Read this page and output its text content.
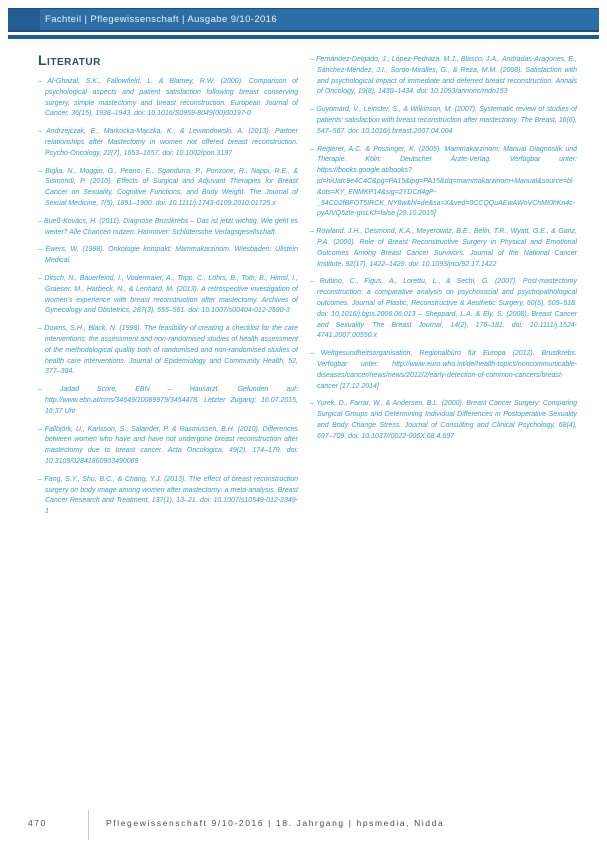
Fachteil | Pflegewissenschaft | Ausgabe 9/10-2016
Literatur

– Al-Ghazal, S.K., Fallowfield, L. & Blamey, R.W. (2000). Comparison of psychological aspects and patient satisfaction following breast conserving surgery, simple mastectomy and breast reconstruction. European Journal of Cancer, 36(15), 1938–1943. doi: 10.1016/S0959-8049(00)00197-0

– Andrzejczak, E., Markocka-Mączka, K., & Lewandowski, A. (2013). Partner relationships after Mastectomy in women not offered breast reconstruction. Psycho-Oncology, 22(7), 1653–1657. doi: 10.1002/pon.3197

– Biglia, N., Moggio, G., Peano, E., Sgandurra, P., Ponzone, R., Nappi, R.E., & Sismondi, P. (2010). Effects of Surgical and Adjuvant Therapies for Breast Cancer on Sexuality, Cognitive Functions, and Body Weight. The Journal of Sexual Medicine, 7(5), 1891–1900. doi: 10.1111/j.1743-6109.2010.01725.x

– Bueß-Kovács, H. (2011). Diagnose Brustkrebs – Das ist jetzt wichtig. Wie geht es weiter? Alle Chancen nutzen. Hannover: Schlütersche Verlagsgesellschaft.

– Ewers, W. (1998). Onkologie kompakt: Mammakarzinom. Wiesbaden: Ullstein Medical.

– Ditsch, N., Bauerfeind, I., Vodermaier, A., Tripp, C., Löhrs, B., Toth, B., Himsl, I., Graeser, M., Harbeck, N., & Lenhard, M. (2013). A retrospective investigation of women's experience with breast reconstruction after mastectomy. Archives of Gynecology and Obstetrics, 287(3), 555–561. doi: 10.1007/s00404-012-2590-3

– Downs, S.H., Black, N. (1998). The feasibility of creating a checklist for the care interventions: the assessment and non-randomised studies of health assessment of the methodological quality both of randomised and non-randomised studies of health care interventions. Journal of Epidemiology and Community Health, 52, 377–384.

– Jadad Score, EBN – Hausarzt. Gefunden auf: http://www.ebn.at/cms/34649/10089979/3454478. Letzter Zugang: 16.07.2015, 16:37 Uhr

– Fallbjörk, U., Karlsson, S., Salander, P. & Rasmussen, B.H. (2010). Differences between women who have and have not undergone breast reconstruction after mastectomy due to breast cancer. Acta Oncologica, 49(2), 174–179. doi: 10.3109/02841860903490069

– Fang, S.Y., Shu, B.C., & Chang, Y.J. (2013). The effect of breast reconstruction surgery on body image among women after mastectomy: a meta-analysis. Breast Cancer Research and Treatment, 137(1), 13–21. doi: 10.1007/s10549-012-2349-1

– Fernández-Delgado, J., López-Pedraza, M.J., Blasco, J.A., Andradas-Aragones, E., Sánchez-Méndez, J.I., Sordo-Miralles, G., & Reza, M.M. (2008). Satisfaction with and psychological impact of immediate and deferred breast reconstruction. Annals of Oncology, 19(8), 1430–1434. doi: 10.1093/annonc/mdn153

– Guyomard, V., Leinster, S., & Wilkinson, M. (2007). Systematic review of studies of patients' satisfaction with breast reconstruction after mastectomy. The Breast, 16(6), 547–567. doi: 10.1016/j.breast.2007.04.004

– Regierer, A.C. & Possinger, K. (2005). Mammakarzinom: Manual Diagnostik und Therapie. Köln: Deutscher Ärzte-Verlag. Verfügbar unter: https://books.google.at/books?id=hiUatc9e4C4C&pg=PA15&lpg=PA15&dq=mammakarzinom+Manual&source=bl&ots=KY_ENMKP14&sig=2YDCd4gP-_54CD2fBFOT5IRCK_NY8w&hl=de&sa=X&ved=0CCQQuAEwAWoVChMI0hKn4c-pyAIVQ5zte-gisLKf=false [29.10.2015]

– Rowland, J.H., Desmond, K.A., Meyerowitz, B.E., Belin, T.R., Wyatt, G.E., & Ganz, P.A. (2000). Role of Breast Reconstructive Surgery in Physical and Emotional Outcomes Among Breast Cancer Survivors. Journal of the National Cancer Institute, 92(17), 1422–1429. doi: 10.1093/jnci/92.17.1422

– Rubino, C., Figus, A., Lorettu, L., & Sechi, G. (2007). Post-mastectomy reconstruction: a comparative analysis on psychosocial and psychopathological outcomes. Journal of Plastic, Reconstructive & Aesthetic Surgery, 60(5), 509–518. doi: 10.1016/j.bjps.2006.06.013 – Sheppard, L.A. & Ely, S. (2008). Breast Cancer and Sexuality. The Breast Journal, 14(2), 176–181. doi: 10.1111/j.1524-4741.2007.00550.x

– Weltgesundheitsorganisation, Regionalbüro für Europa (2012). Brustkrebs. Verfügbar unter: http://www.euro.who.int/de/health-topics/noncommunicable-diseases/cancer/news/news/2012/2/early-detection-of-common-cancers/breast-cancer [17.12.2014]

– Yurek, D., Farrar, W., & Andersen, B.L. (2000). Breast Cancer Surgery: Comparing Surgical Groups and Determining Individual Differences in Postoperative Sexuality and Body Change Stress. Journal of Consulting and Clinical Psychology, 68(4), 697–709. doi: 10.1037//0022-006X.68.4.697

470	Pflegewissenschaft 9/10-2016 | 18. Jahrgang | hpsmedia, Nidda
